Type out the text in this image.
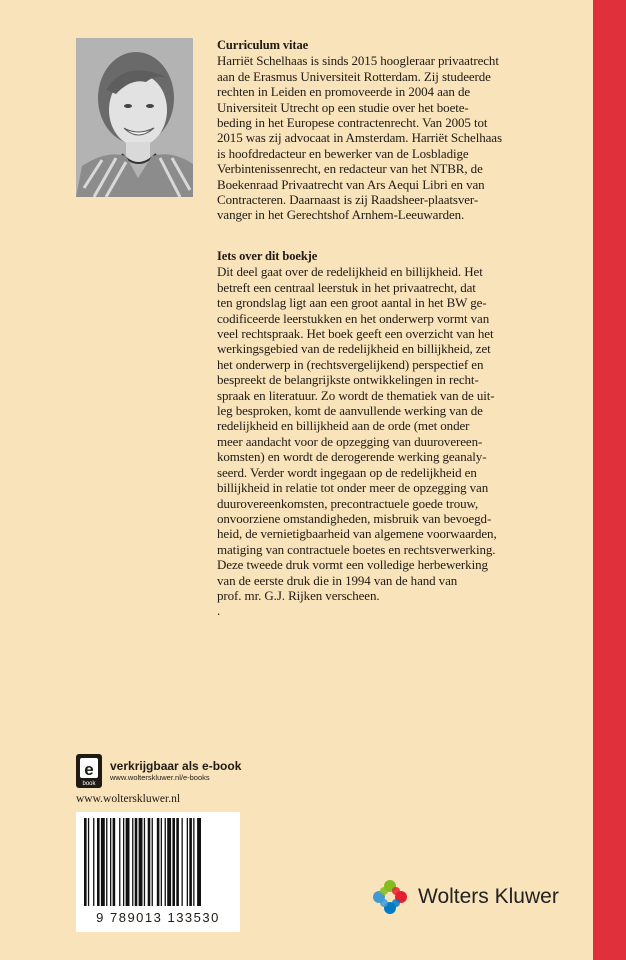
Curriculum vitae

Harriët Schelhaas is sinds 2015 hoogleraar privaatrecht
aan de Erasmus Universiteit Rotterdam. Zij studeerde
rechten in Leiden en promoveerde in 2004 aan de
Universiteit Utrecht op een studie over het boete-
beding in het Europese contractenrecht. Van 2005 tot
2015 was zij advocaat in Amsterdam. Harriët Schelhaas
is hoofdredacteur en bewerker van de Losbladige
Verbintenissenrecht, en redacteur van het NTBR, de
Boekenraad Privaatrecht van Ars Aequi Libri en van
Contracteren. Daarnaast is zij Raadsheer-plaatsver-
vanger in het Gerechtshof Arnhem-Leeuwarden.

Iets over dit boekje

Dit deel gaat over de redelijkheid en billijkheid. Het
betreft een centraal leerstuk in het privaatrecht, dat
ten grondslag ligt aan een groot aantal in het BW ge-
codificeerde leerstukken en het onderwerp vormt van
veel rechtspraak. Het boek geeft een overzicht van het
werkingsgebied van de redelijkheid en billijkheid, zet
het onderwerp in (rechtsvergelijkend) perspectief en
bespreekt de belangrijkste ontwikkelingen in recht-
spraak en literatuur. Zo wordt de thematiek van de uit-
leg besproken, komt de aanvullende werking van de
redelijkheid en billijkheid aan de orde (met onder
meer aandacht voor de opzegging van duurovereen-
komsten) en wordt de derogerende werking geanaly-
seerd. Verder wordt ingegaan op de redelijkheid en
billijkheid in relatie tot onder meer de opzegging van
duurovereenkomsten, precontractuele goede trouw,
onvoorziene omstandigheden, misbruik van bevoegd-
heid, de vernietigbaarheid van algemene voorwaarden,
matiging van contractuele boetes en rechtsverwerking.
Deze tweede druk vormt een volledige herbewerking
van de eerste druk die in 1994 van de hand van
prof. mr. G.J. Rijken verscheen.
.

e
book
verkrijgbaar als e-book
www.wolterskluwer.nl/e-books
www.wolterskluwer.nl
9 789013 133530
Wolters Kluwer
